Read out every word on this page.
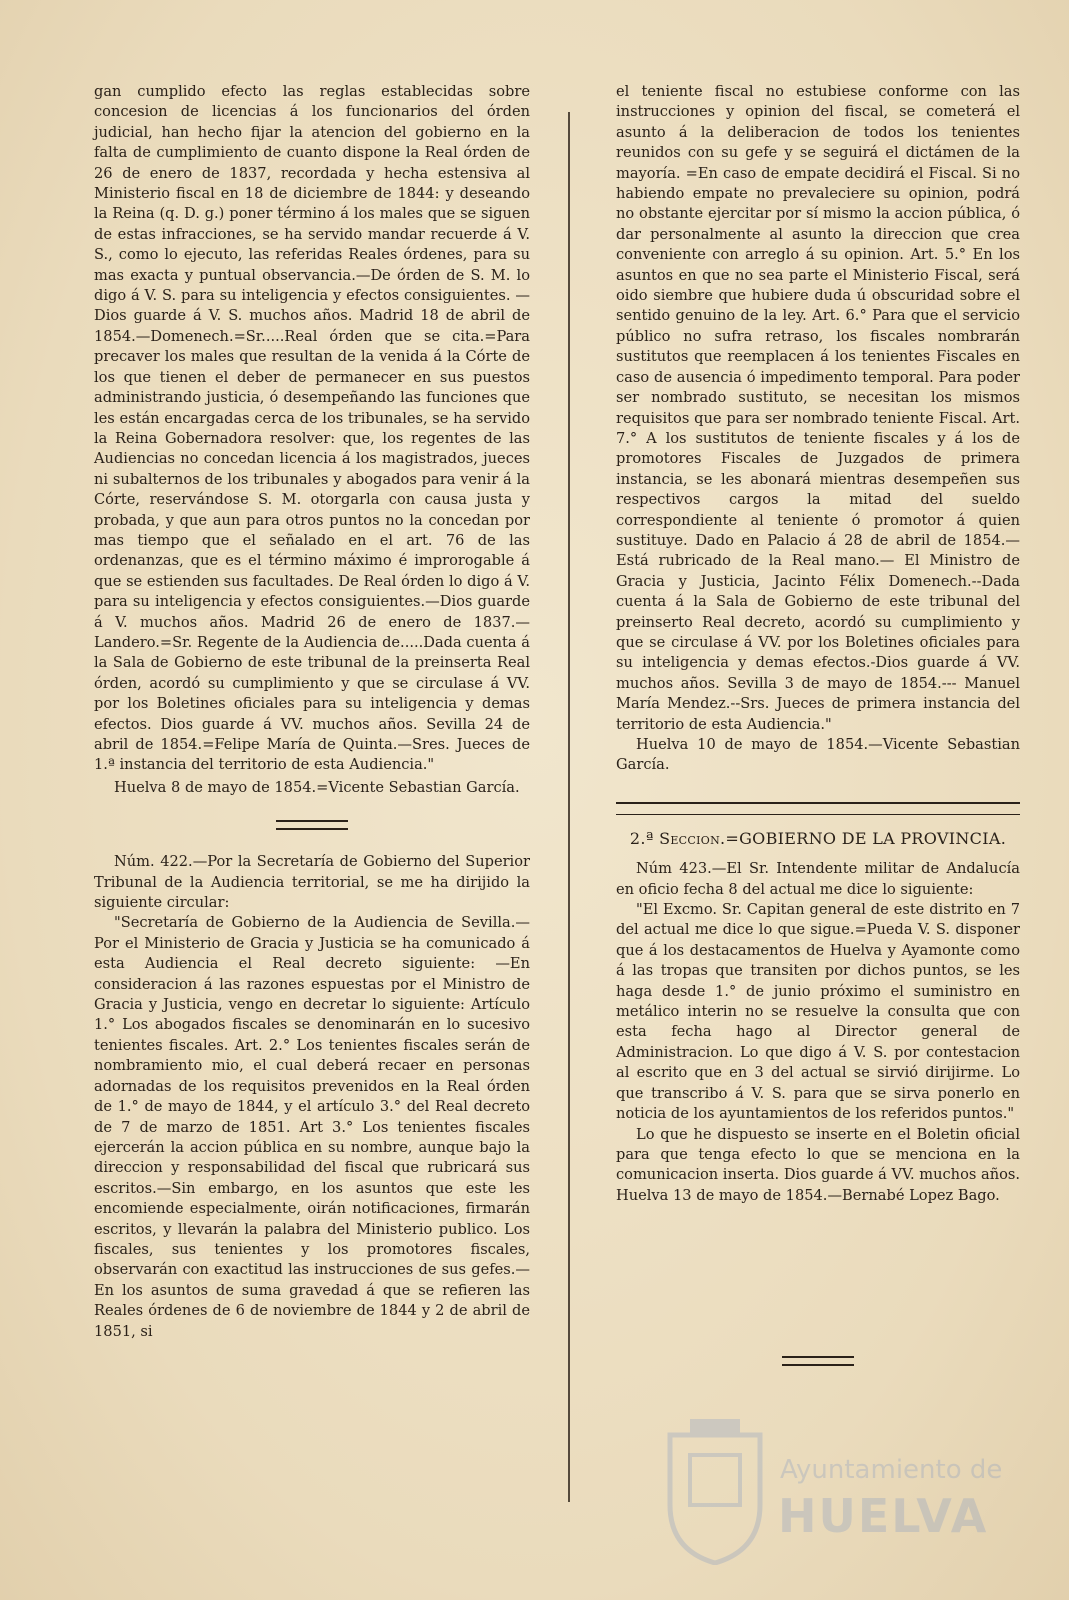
gan cumplido efecto las reglas establecidas sobre concesion de licencias á los funcionarios del órden judicial, han hecho fijar la atencion del gobierno en la falta de cumplimiento de cuanto dispone la Real órden de 26 de enero de 1837, recordada y hecha estensiva al Ministerio fiscal en 18 de diciembre de 1844: y deseando la Reina (q. D. g.) poner término á los males que se siguen de estas infracciones, se ha servido mandar recuerde á V. S., como lo ejecuto, las referidas Reales órdenes, para su mas exacta y puntual observancia.—De órden de S. M. lo digo á V. S. para su inteligencia y efectos consiguientes. —Dios guarde á V. S. muchos años. Madrid 18 de abril de 1854.—Domenech.=Sr.....Real órden que se cita.=Para precaver los males que resultan de la venida á la Córte de los que tienen el deber de permanecer en sus puestos administrando justicia, ó desempeñando las funciones que les están encargadas cerca de los tribunales, se ha servido la Reina Gobernadora resolver: que, los regentes de las Audiencias no concedan licencia á los magistrados, jueces ni subalternos de los tribunales y abogados para venir á la Córte, reservándose S. M. otorgarla con causa justa y probada, y que aun para otros puntos no la concedan por mas tiempo que el señalado en el art. 76 de las ordenanzas, que es el término máximo é improrogable á que se estienden sus facultades. De Real órden lo digo á V. para su inteligencia y efectos consiguientes.—Dios guarde á V. muchos años. Madrid 26 de enero de 1837.—Landero.=Sr. Regente de la Audiencia de.....Dada cuenta á la Sala de Gobierno de este tribunal de la preinserta Real órden, acordó su cumplimiento y que se circulase á VV. por los Boletines oficiales para su inteligencia y demas efectos. Dios guarde á VV. muchos años. Sevilla 24 de abril de 1854.=Felipe María de Quinta.—Sres. Jueces de 1.ª instancia del territorio de esta Audiencia."

Huelva 8 de mayo de 1854.=Vicente Sebastian García.

Núm. 422.—Por la Secretaría de Gobierno del Superior Tribunal de la Audiencia territorial, se me ha dirijido la siguiente circular:

"Secretaría de Gobierno de la Audiencia de Sevilla.—Por el Ministerio de Gracia y Justicia se ha comunicado á esta Audiencia el Real decreto siguiente: —En consideracion á las razones espuestas por el Ministro de Gracia y Justicia, vengo en decretar lo siguiente: Artículo 1.° Los abogados fiscales se denominarán en lo sucesivo tenientes fiscales. Art. 2.° Los tenientes fiscales serán de nombramiento mio, el cual deberá recaer en personas adornadas de los requisitos prevenidos en la Real órden de 1.° de mayo de 1844, y el artículo 3.° del Real decreto de 7 de marzo de 1851. Art 3.° Los tenientes fiscales ejercerán la accion pública en su nombre, aunque bajo la direccion y responsabilidad del fiscal que rubricará sus escritos.—Sin embargo, en los asuntos que este les encomiende especialmente, oirán notificaciones, firmarán escritos, y llevarán la palabra del Ministerio publico. Los fiscales, sus tenientes y los promotores fiscales, observarán con exactitud las instrucciones de sus gefes.—En los asuntos de suma gravedad á que se refieren las Reales órdenes de 6 de noviembre de 1844 y 2 de abril de 1851, si

el teniente fiscal no estubiese conforme con las instrucciones y opinion del fiscal, se cometerá el asunto á la deliberacion de todos los tenientes reunidos con su gefe y se seguirá el dictámen de la mayoría. =En caso de empate decidirá el Fiscal. Si no habiendo empate no prevaleciere su opinion, podrá no obstante ejercitar por sí mismo la accion pública, ó dar personalmente al asunto la direccion que crea conveniente con arreglo á su opinion. Art. 5.° En los asuntos en que no sea parte el Ministerio Fiscal, será oido siembre que hubiere duda ú obscuridad sobre el sentido genuino de la ley. Art. 6.° Para que el servicio público no sufra retraso, los fiscales nombrarán sustitutos que reemplacen á los tenientes Fiscales en caso de ausencia ó impedimento temporal. Para poder ser nombrado sustituto, se necesitan los mismos requisitos que para ser nombrado teniente Fiscal. Art. 7.° A los sustitutos de teniente fiscales y á los de promotores Fiscales de Juzgados de primera instancia, se les abonará mientras desempeñen sus respectivos cargos la mitad del sueldo correspondiente al teniente ó promotor á quien sustituye. Dado en Palacio á 28 de abril de 1854.—Está rubricado de la Real mano.— El Ministro de Gracia y Justicia, Jacinto Félix Domenech.--Dada cuenta á la Sala de Gobierno de este tribunal del preinserto Real decreto, acordó su cumplimiento y que se circulase á VV. por los Boletines oficiales para su inteligencia y demas efectos.-Dios guarde á VV. muchos años. Sevilla 3 de mayo de 1854.--- Manuel María Mendez.--Srs. Jueces de primera instancia del territorio de esta Audiencia."

Huelva 10 de mayo de 1854.—Vicente Sebastian García.

2.ª Seccion.=GOBIERNO DE LA PROVINCIA.

Núm 423.—El Sr. Intendente militar de Andalucía en oficio fecha 8 del actual me dice lo siguiente:

"El Excmo. Sr. Capitan general de este distrito en 7 del actual me dice lo que sigue.=Pueda V. S. disponer que á los destacamentos de Huelva y Ayamonte como á las tropas que transiten por dichos puntos, se les haga desde 1.° de junio próximo el suministro en metálico interin no se resuelve la consulta que con esta fecha hago al Director general de Administracion. Lo que digo á V. S. por contestacion al escrito que en 3 del actual se sirvió dirijirme. Lo que transcribo á V. S. para que se sirva ponerlo en noticia de los ayuntamientos de los referidos puntos."

Lo que he dispuesto se inserte en el Boletin oficial para que tenga efecto lo que se menciona en la comunicacion inserta. Dios guarde á VV. muchos años. Huelva 13 de mayo de 1854.—Bernabé Lopez Bago.

Ayuntamiento de
HUELVA
